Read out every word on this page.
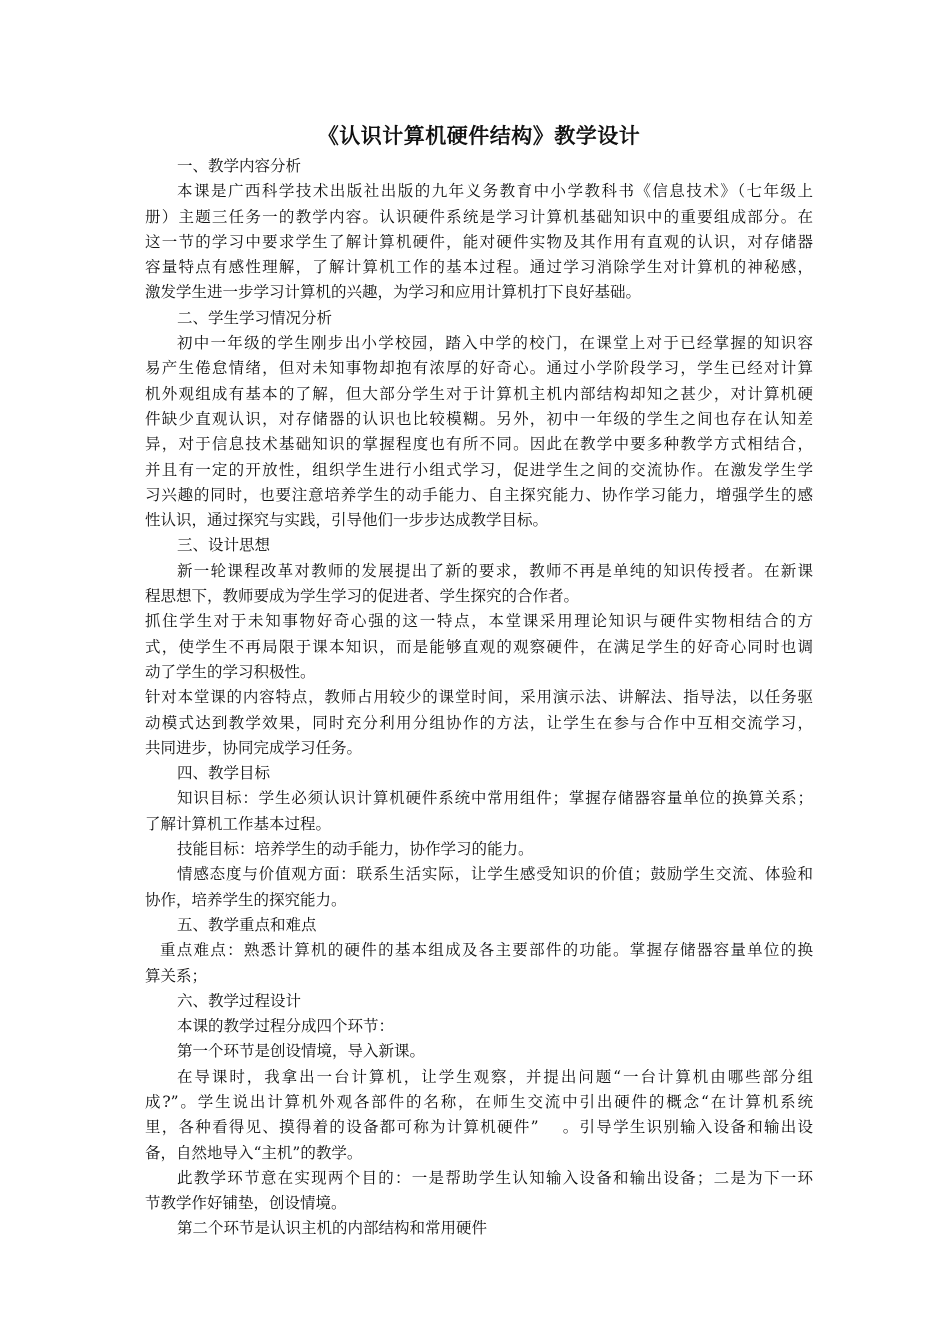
《认识计算机硬件结构》教学设计

一、教学内容分析

本课是广西科学技术出版社出版的九年义务教育中小学教科书《信息技术》（七年级上

册）主题三任务一的教学内容。认识硬件系统是学习计算机基础知识中的重要组成部分。在

这一节的学习中要求学生了解计算机硬件，能对硬件实物及其作用有直观的认识，对存储器

容量特点有感性理解，了解计算机工作的基本过程。通过学习消除学生对计算机的神秘感，

激发学生进一步学习计算机的兴趣，为学习和应用计算机打下良好基础。

二、学生学习情况分析

初中一年级的学生刚步出小学校园，踏入中学的校门，在课堂上对于已经掌握的知识容

易产生倦怠情绪，但对未知事物却抱有浓厚的好奇心。通过小学阶段学习，学生已经对计算

机外观组成有基本的了解，但大部分学生对于计算机主机内部结构却知之甚少，对计算机硬

件缺少直观认识，对存储器的认识也比较模糊。另外，初中一年级的学生之间也存在认知差

异，对于信息技术基础知识的掌握程度也有所不同。因此在教学中要多种教学方式相结合，

并且有一定的开放性，组织学生进行小组式学习，促进学生之间的交流协作。在激发学生学

习兴趣的同时，也要注意培养学生的动手能力、自主探究能力、协作学习能力，增强学生的感

性认识，通过探究与实践，引导他们一步步达成教学目标。

三、设计思想

新一轮课程改革对教师的发展提出了新的要求，教师不再是单纯的知识传授者。在新课

程思想下，教师要成为学生学习的促进者、学生探究的合作者。

抓住学生对于未知事物好奇心强的这一特点，本堂课采用理论知识与硬件实物相结合的方

式，使学生不再局限于课本知识，而是能够直观的观察硬件，在满足学生的好奇心同时也调

动了学生的学习积极性。

针对本堂课的内容特点，教师占用较少的课堂时间，采用演示法、讲解法、指导法，以任务驱

动模式达到教学效果，同时充分利用分组协作的方法，让学生在参与合作中互相交流学习，

共同进步，协同完成学习任务。

四、教学目标

知识目标：学生必须认识计算机硬件系统中常用组件；掌握存储器容量单位的换算关系；

了解计算机工作基本过程。

技能目标：培养学生的动手能力，协作学习的能力。

情感态度与价值观方面：联系生活实际，让学生感受知识的价值；鼓励学生交流、体验和

协作，培养学生的探究能力。

五、教学重点和难点

重点难点：熟悉计算机的硬件的基本组成及各主要部件的功能。掌握存储器容量单位的换

算关系；

六、教学过程设计

本课的教学过程分成四个环节：

第一个环节是创设情境，导入新课。

在导课时，我拿出一台计算机，让学生观察，并提出问题“一台计算机由哪些部分组

成?”。学生说出计算机外观各部件的名称，在师生交流中引出硬件的概念“在计算机系统

里，各种看得见、摸得着的设备都可称为计算机硬件”　 。引导学生识别输入设备和输出设

备，自然地导入“主机”的教学。

此教学环节意在实现两个目的：一是帮助学生认知输入设备和输出设备；二是为下一环

节教学作好铺垫，创设情境。

第二个环节是认识主机的内部结构和常用硬件
